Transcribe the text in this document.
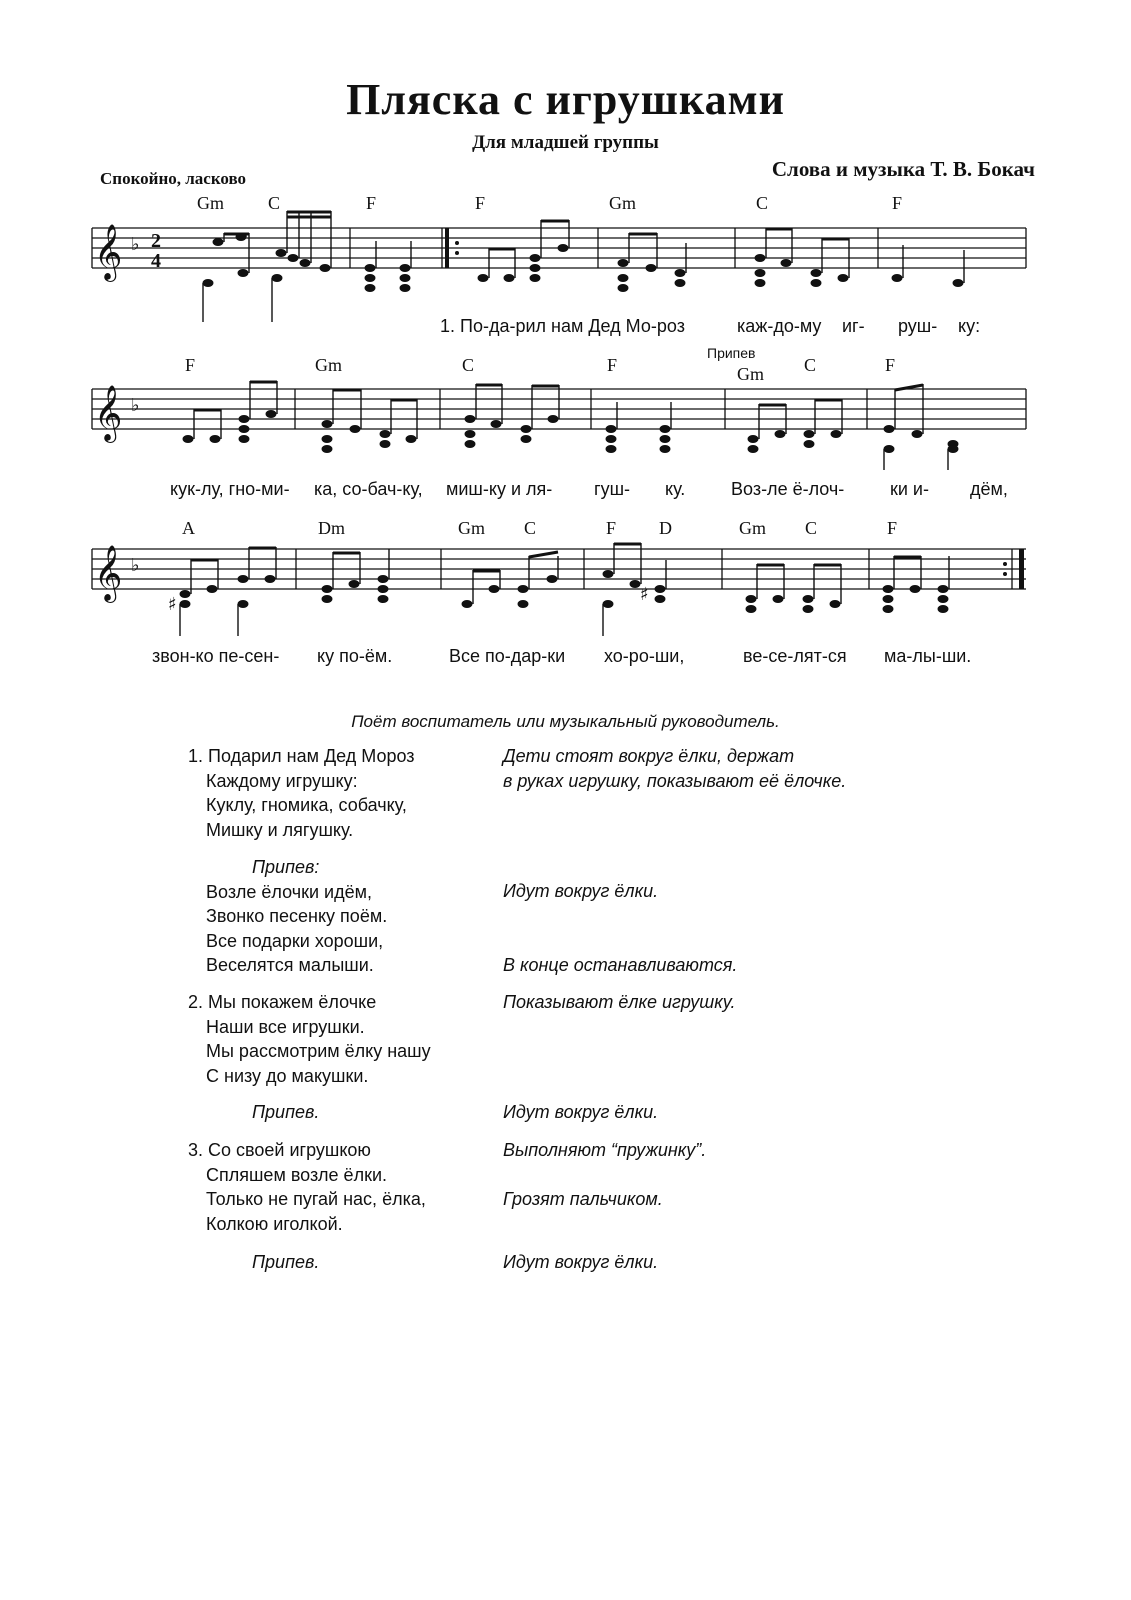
Пляска с игрушками
Для младшей группы
Слова и музыка Т. В. Бокач
Спокойно, ласково
Gm C	F	F	Gm	C	F
𝄞 ♭ 2
4
1. По-да-рил нам Дед Мо-роз	каж-до-му иг- руш- ку:
F	Gm	C	F
Припев
Gm C	F
𝄞 ♭
кук-лу, гно-ми- ка, со-бач-ку, миш-ку и ля- гуш- ку.	Воз-ле ё-лоч-	ки и- дём,
A	Dm	Gm C	F D	Gm C	F
𝄞 ♭
♯	♯
звон-ко пе-сен- ку по-ём.	Все по-дар-ки хо-ро-ши,	ве-се-лят-ся ма-лы-ши.
Поёт воспитатель или музыкальный руководитель.
1. Подарил нам Дед Мороз
Каждому игрушку:
Куклу, гномика, собачку,
Мишку и лягушку.
Припев:
Возле ёлочки идём,
Звонко песенку поём.
Все подарки хороши,
Веселятся малыши.
2. Мы покажем ёлочке
Наши все игрушки.
Мы рассмотрим ёлку нашу
С низу до макушки.
Припев.
3. Со своей игрушкою
Спляшем возле ёлки.
Только не пугай нас, ёлка,
Колкою иголкой.
Припев.
Дети стоят вокруг ёлки, держат
в руках игрушку, показывают её ёлочке.
Идут вокруг ёлки.
В конце останавливаются.
Показывают ёлке игрушку.
Идут вокруг ёлки.
Выполняют “пружинку”.
Грозят пальчиком.
Идут вокруг ёлки.
